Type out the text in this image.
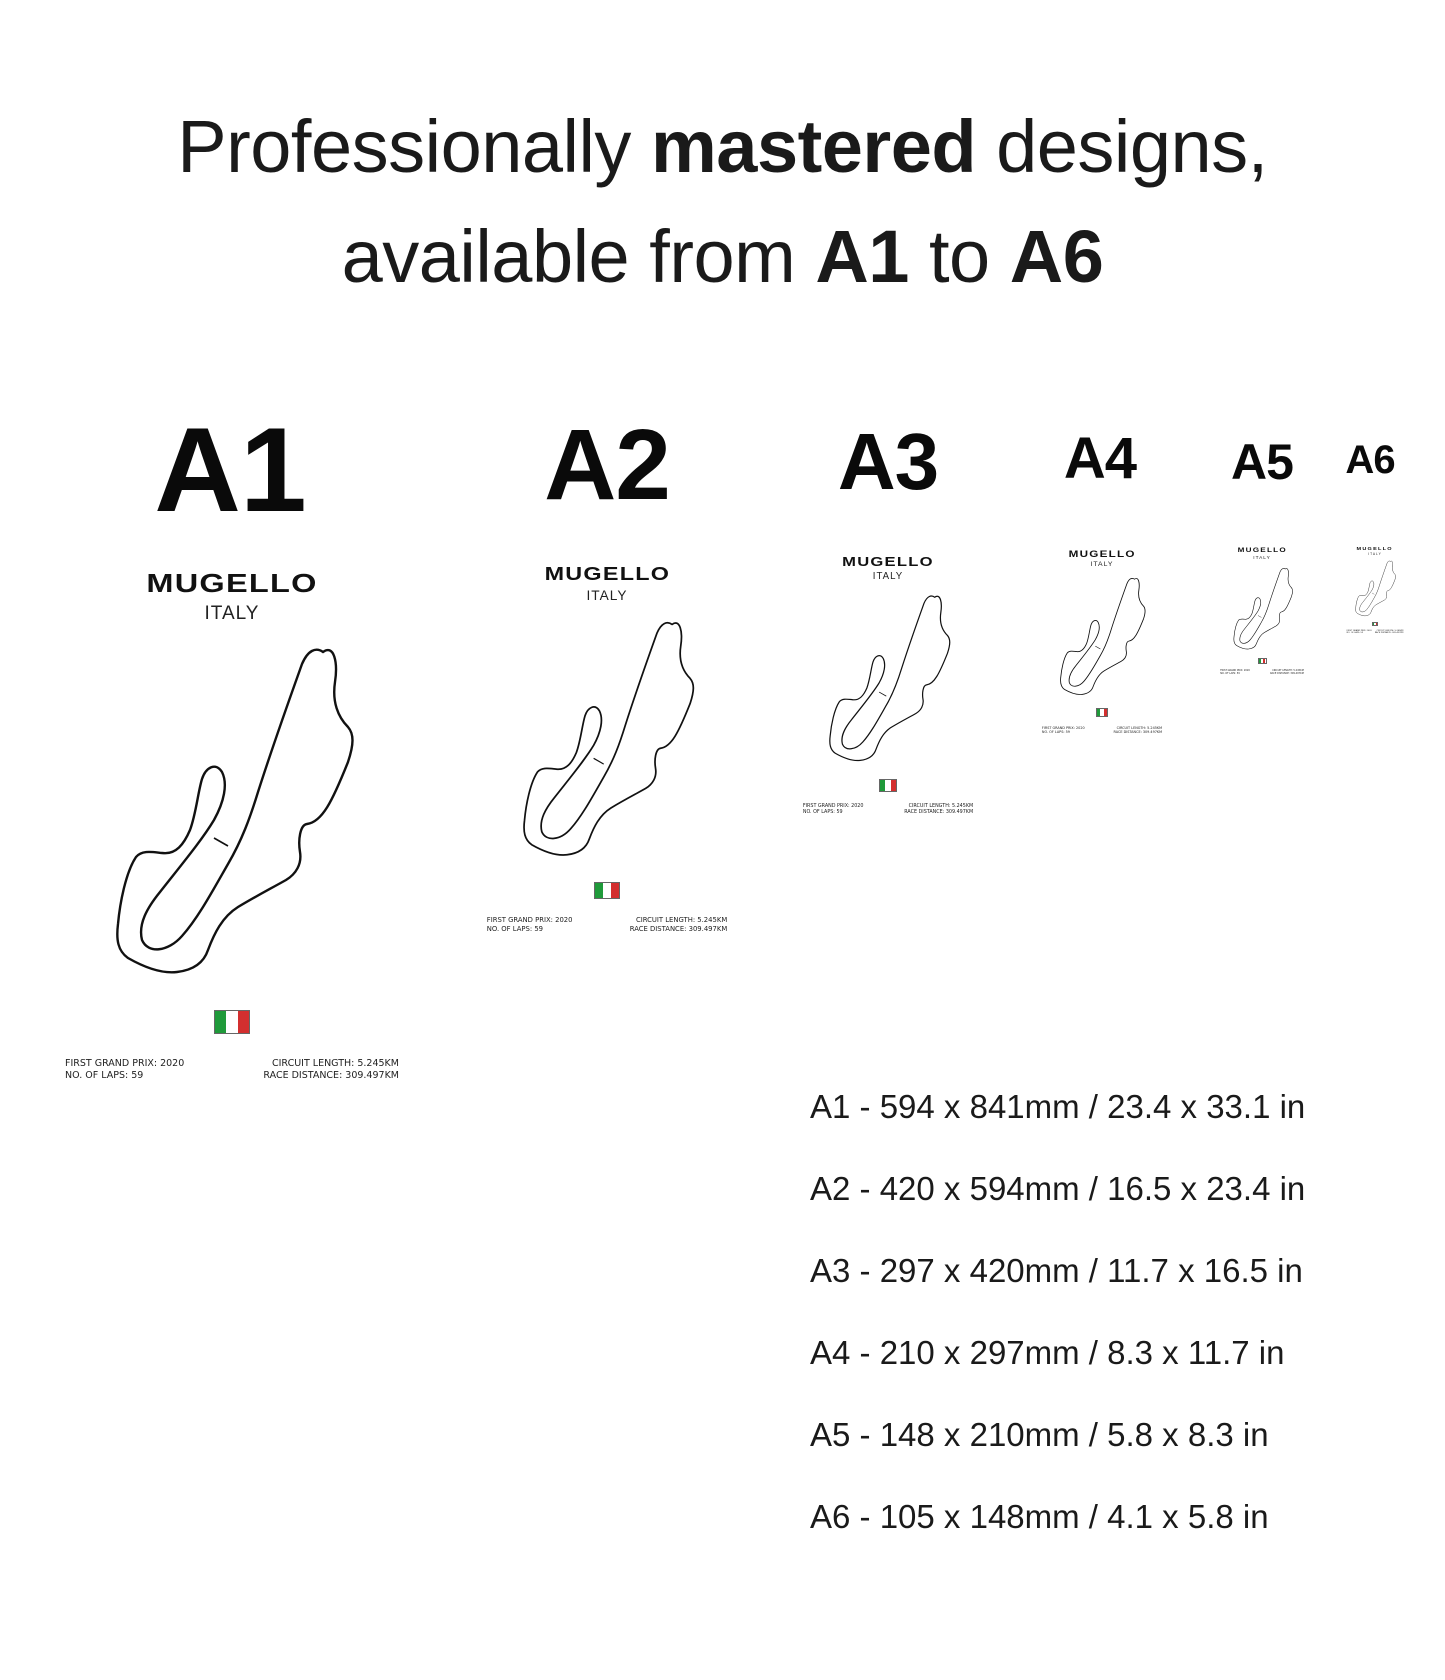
Professionally mastered designs,
available from A1 to A6
A1 A2 A3 A4 A5 A6
MUGELLO
ITALY
FIRST GRAND PRIX: 2020
NO. OF LAPS: 59
CIRCUIT LENGTH: 5.245KM
RACE DISTANCE: 309.497KM
MUGELLO
ITALY
FIRST GRAND PRIX: 2020
NO. OF LAPS: 59
CIRCUIT LENGTH: 5.245KM
RACE DISTANCE: 309.497KM
MUGELLO
ITALY
FIRST GRAND PRIX: 2020
NO. OF LAPS: 59
CIRCUIT LENGTH: 5.245KM
RACE DISTANCE: 309.497KM
MUGELLO
ITALY
FIRST GRAND PRIX: 2020
NO. OF LAPS: 59
CIRCUIT LENGTH: 5.245KM
RACE DISTANCE: 309.497KM
MUGELLO
ITALY
FIRST GRAND PRIX: 2020
NO. OF LAPS: 59
CIRCUIT LENGTH: 5.245KM
RACE DISTANCE: 309.497KM
MUGELLO
ITALY
FIRST GRAND PRIX: 2020
NO. OF LAPS: 59
CIRCUIT LENGTH: 5.245KM
RACE DISTANCE: 309.497KM
A1 - 594 x 841mm / 23.4 x 33.1 in
A2 - 420 x 594mm / 16.5 x 23.4 in
A3 - 297 x 420mm / 11.7 x 16.5 in
A4 - 210 x 297mm / 8.3 x 11.7 in
A5 - 148 x 210mm / 5.8 x 8.3 in
A6 - 105 x 148mm / 4.1 x 5.8 in
